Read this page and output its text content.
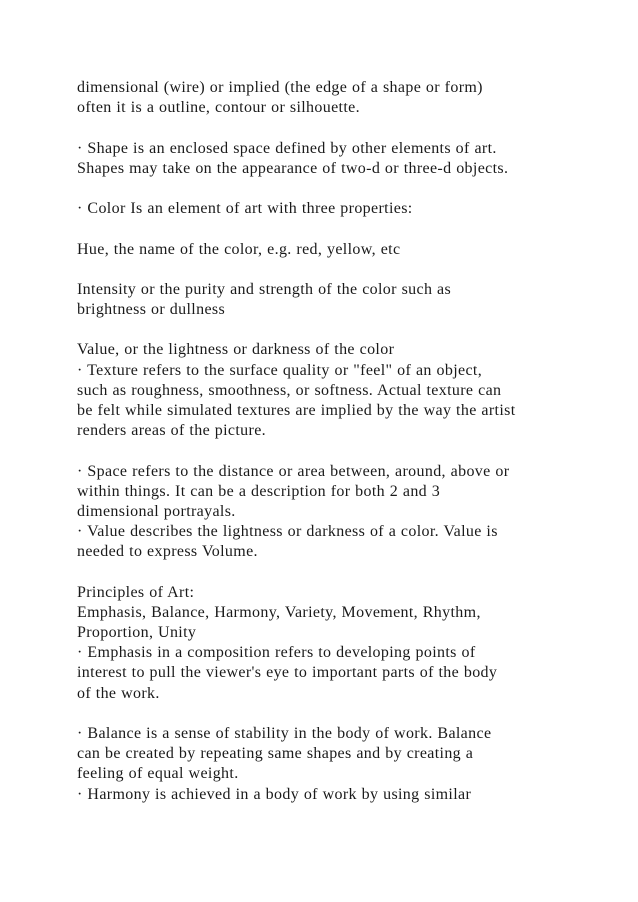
dimensional (wire) or implied (the edge of a shape or form)
often it is a outline, contour or silhouette.
· Shape is an enclosed space defined by other elements of art.
Shapes may take on the appearance of two-d or three-d objects.
· Color Is an element of art with three properties:
Hue, the name of the color, e.g. red, yellow, etc
Intensity or the purity and strength of the color such as
brightness or dullness
Value, or the lightness or darkness of the color
· Texture refers to the surface quality or "feel" of an object,
such as roughness, smoothness, or softness. Actual texture can
be felt while simulated textures are implied by the way the artist
renders areas of the picture.
· Space refers to the distance or area between, around, above or
within things. It can be a description for both 2 and 3
dimensional portrayals.
· Value describes the lightness or darkness of a color. Value is
needed to express Volume.
Principles of Art:
Emphasis, Balance, Harmony, Variety, Movement, Rhythm,
Proportion, Unity
· Emphasis in a composition refers to developing points of
interest to pull the viewer's eye to important parts of the body
of the work.
· Balance is a sense of stability in the body of work. Balance
can be created by repeating same shapes and by creating a
feeling of equal weight.
· Harmony is achieved in a body of work by using similar
